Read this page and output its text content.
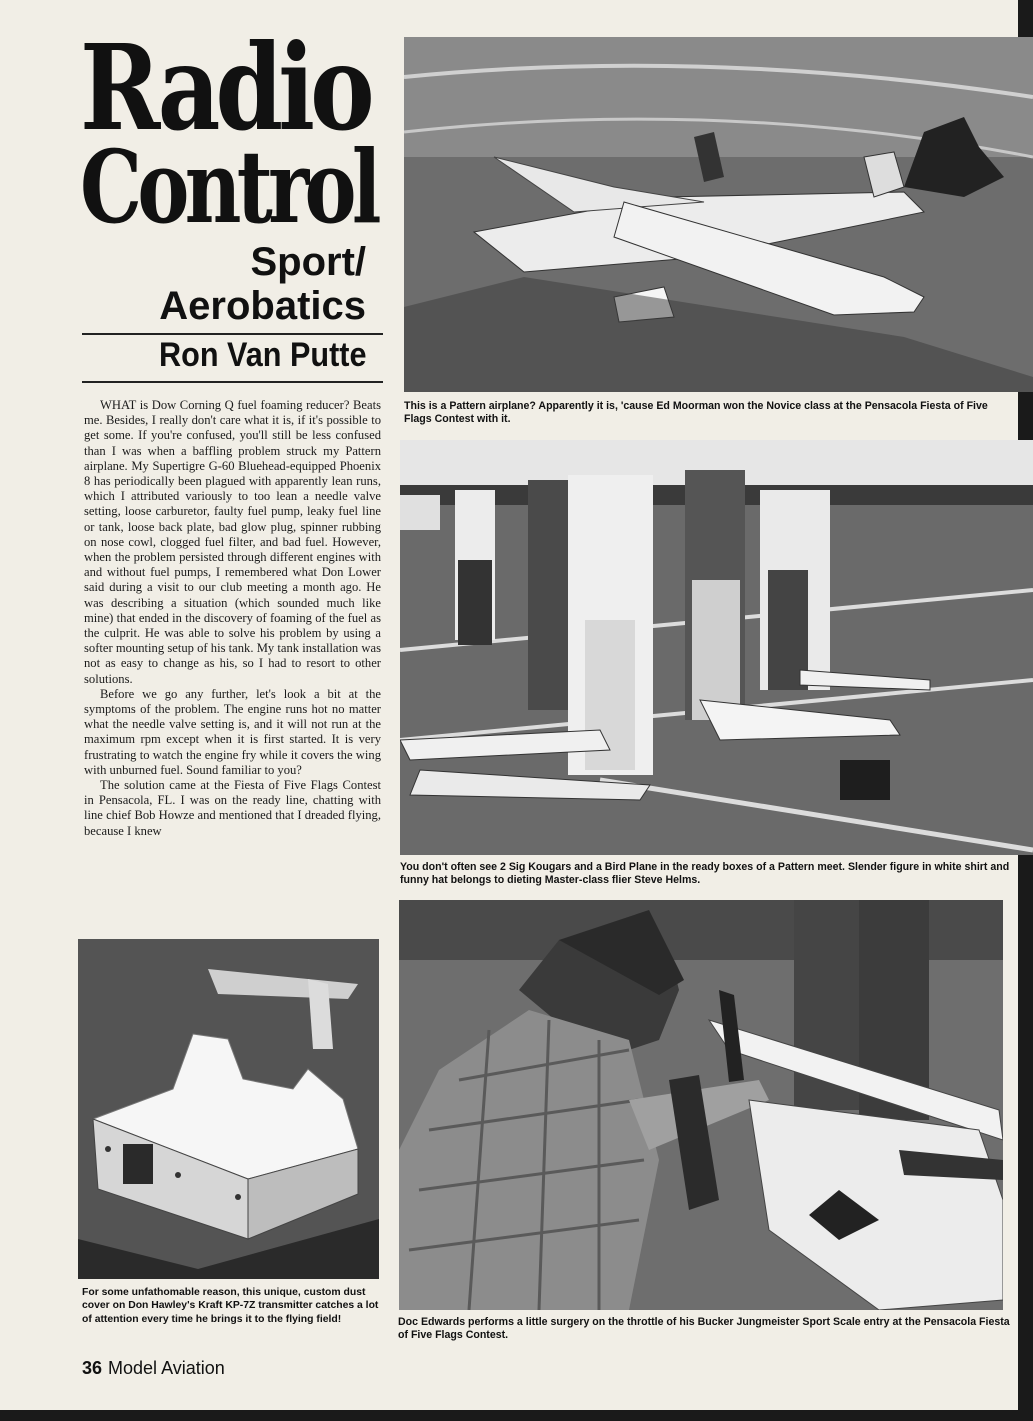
Radio
Control
Sport/
Aerobatics
Ron Van Putte

WHAT is Dow Corning Q fuel foaming reducer? Beats me. Besides, I really don't care what it is, if it's possible to get some. If you're confused, you'll still be less confused than I was when a baffling problem struck my Pattern airplane. My Supertigre G-60 Bluehead-equipped Phoenix 8 has periodically been plagued with apparently lean runs, which I attributed variously to too lean a needle valve setting, loose carburetor, faulty fuel pump, leaky fuel line or tank, loose back plate, bad glow plug, spinner rubbing on nose cowl, clogged fuel filter, and bad fuel. However, when the problem persisted through different engines with and without fuel pumps, I remembered what Don Lower said during a visit to our club meeting a month ago. He was describing a situation (which sounded much like mine) that ended in the discovery of foaming of the fuel as the culprit. He was able to solve his problem by using a softer mounting setup of his tank. My tank installation was not as easy to change as his, so I had to resort to other solutions.

Before we go any further, let's look a bit at the symptoms of the problem. The engine runs hot no matter what the needle valve setting is, and it will not run at the maximum rpm except when it is first started. It is very frustrating to watch the engine fry while it covers the wing with unburned fuel. Sound familiar to you?

The solution came at the Fiesta of Five Flags Contest in Pensacola, FL. I was on the ready line, chatting with line chief Bob Howze and mentioned that I dreaded flying, because I knew

This is a Pattern airplane? Apparently it is, 'cause Ed Moorman won the Novice class at the Pensacola Fiesta of Five Flags Contest with it.
You don't often see 2 Sig Kougars and a Bird Plane in the ready boxes of a Pattern meet. Slender figure in white shirt and funny hat belongs to dieting Master-class flier Steve Helms.
For some unfathomable reason, this unique, custom dust cover on Don Hawley's Kraft KP-7Z transmitter catches a lot of attention every time he brings it to the flying field!	Doc Edwards performs a little surgery on the throttle of his Bucker Jungmeister Sport Scale entry at the Pensacola Fiesta of Five Flags Contest.
36 Model Aviation
